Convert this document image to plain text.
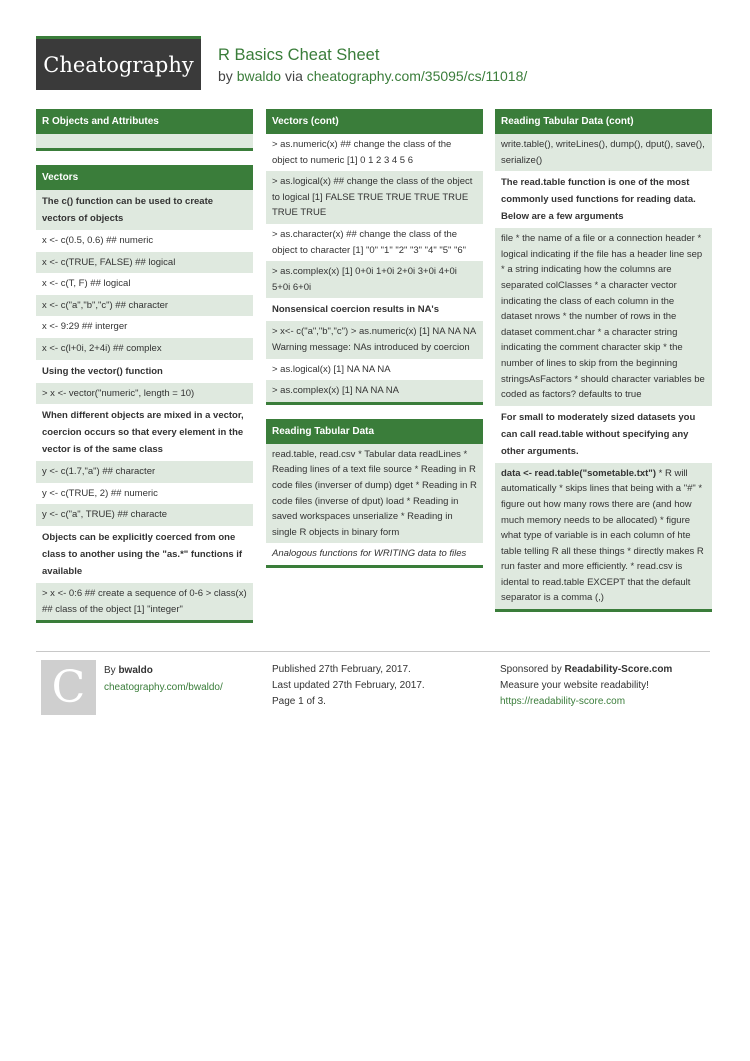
Cheatography	R Basics Cheat Sheet
by bwaldo via cheatography.com/35095/cs/11018/
R Objects and Attributes
Vectors
The c() function can be used to create vectors of objects
x <- c(0.5, 0.6) ## numeric
x <- c(TRUE, FALSE) ## logical
x <- c(T, F) ## logical
x <- c("a","b","c") ## character
x <- 9:29 ## interger
x <- c(l+0i, 2+4i) ## complex
Using the vector() function
> x <- vector("numeric", length = 10)
When different objects are mixed in a vector, coercion occurs so that every element in the vector is of the same class
y <- c(1.7,"a") ## character
y <- c(TRUE, 2) ## numeric
y <- c("a", TRUE) ## characte
Objects can be explicitly coerced from one class to another using the "as.*" functions if available
> x <- 0:6 ## create a sequence of 0-6 > class(x) ## class of the object [1] "integer"
Vectors (cont)
> as.numeric(x) ## change the class of the object to numeric [1] 0 1 2 3 4 5 6
> as.logical(x) ## change the class of the object to logical [1] FALSE TRUE TRUE TRUE TRUE TRUE TRUE
> as.character(x) ## change the class of the object to character [1] "0" "1" "2" "3" "4" "5" "6"
> as.complex(x) [1] 0+0i 1+0i 2+0i 3+0i 4+0i 5+0i 6+0i
Nonsensical coercion results in NA's
> x<- c("a","b","c") > as.numeric(x) [1] NA NA NA Warning message: NAs introduced by coercion
> as.logical(x) [1] NA NA NA
> as.complex(x) [1] NA NA NA
Reading Tabular Data
read.table, read.csv * Tabular data readLines * Reading lines of a text file source * Reading in R code files (inverser of dump) dget * Reading in R code files (inverse of dput) load * Reading in saved workspaces unserialize * Reading in single R objects in binary form
Analogous functions for WRITING data to files
Reading Tabular Data (cont)
write.table(), writeLines(), dump(), dput(), save(), serialize()
The read.table function is one of the most commonly used functions for reading data. Below are a few arguments
file * the name of a file or a connection header * logical indicating if the file has a header line sep * a string indicating how the columns are separated colClasses * a character vector indicating the class of each column in the dataset nrows * the number of rows in the dataset comment.char * a character string indicating the comment character skip * the number of lines to skip from the beginning stringsAsFactors * should character variables be coded as factors? defaults to true
For small to moderately sized datasets you can call read.table without specifying any other arguments.
data <- read.table("sometable.txt") * R will automatically * skips lines that being with a "#" * figure out how many rows there are (and how much memory needs to be allocated) * figure what type of variable is in each column of hte table telling R all these things * directly makes R run faster and more efficiently. * read.csv is idental to read.table EXCEPT that the default separator is a comma (,)
C	By bwaldo
cheatography.com/bwaldo/
Published 27th February, 2017.
Last updated 27th February, 2017.
Page 1 of 3.
Sponsored by Readability-Score.com
Measure your website readability!
https://readability-score.com
